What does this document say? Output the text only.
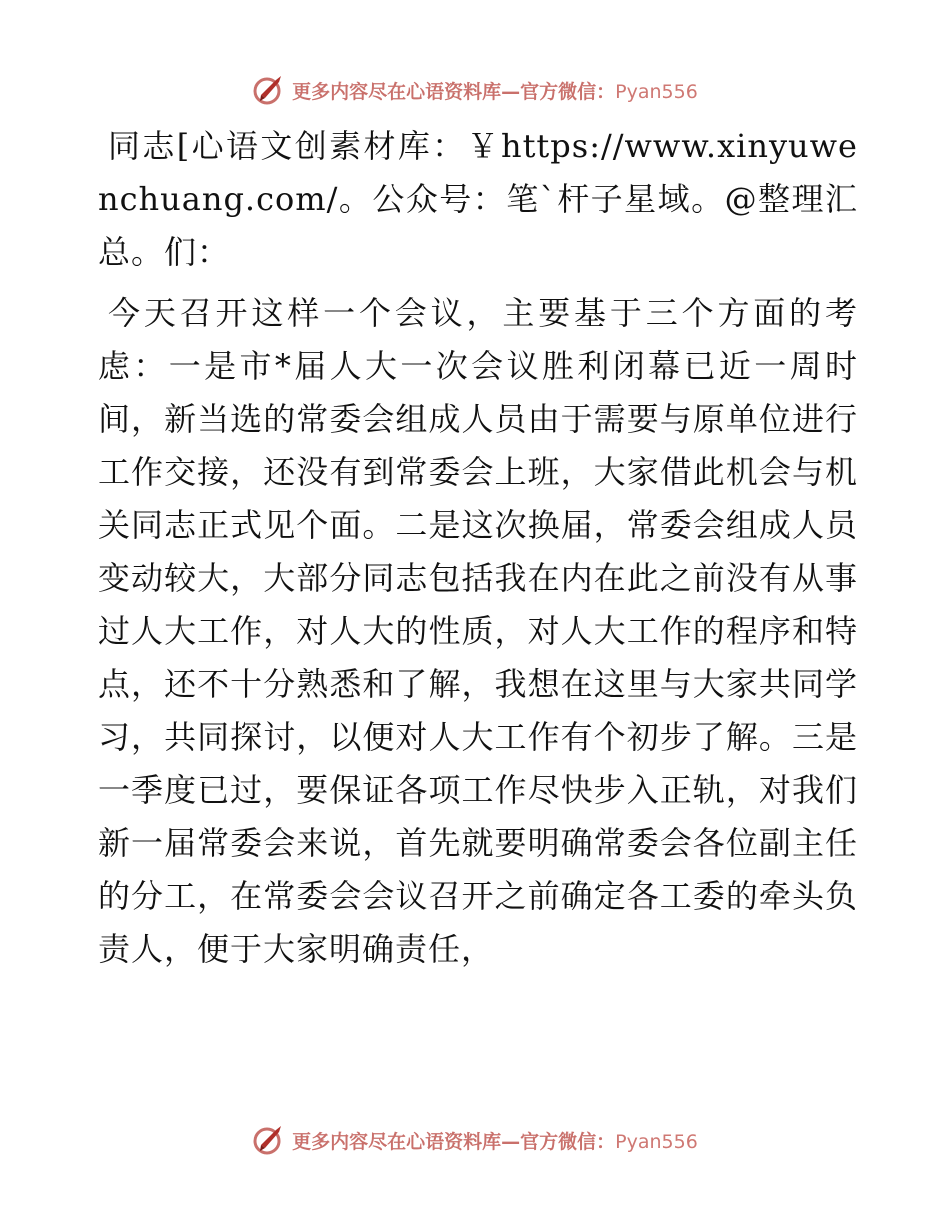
更多内容尽在心语资料库—官方微信：Pyan556

同志[心语文创素材库：￥https://www.xinyuwenchuang.com/。公众号：笔`杆子星域。@整理汇总。们：

今天召开这样一个会议，主要基于三个方面的考虑：一是市*届人大一次会议胜利闭幕已近一周时间，新当选的常委会组成人员由于需要与原单位进行工作交接，还没有到常委会上班，大家借此机会与机关同志正式见个面。二是这次换届，常委会组成人员变动较大，大部分同志包括我在内在此之前没有从事过人大工作，对人大的性质，对人大工作的程序和特点，还不十分熟悉和了解，我想在这里与大家共同学习，共同探讨，以便对人大工作有个初步了解。三是一季度已过，要保证各项工作尽快步入正轨，对我们新一届常委会来说，首先就要明确常委会各位副主任的分工，在常委会会议召开之前确定各工委的牵头负责人，便于大家明确责任，

更多内容尽在心语资料库—官方微信：Pyan556
